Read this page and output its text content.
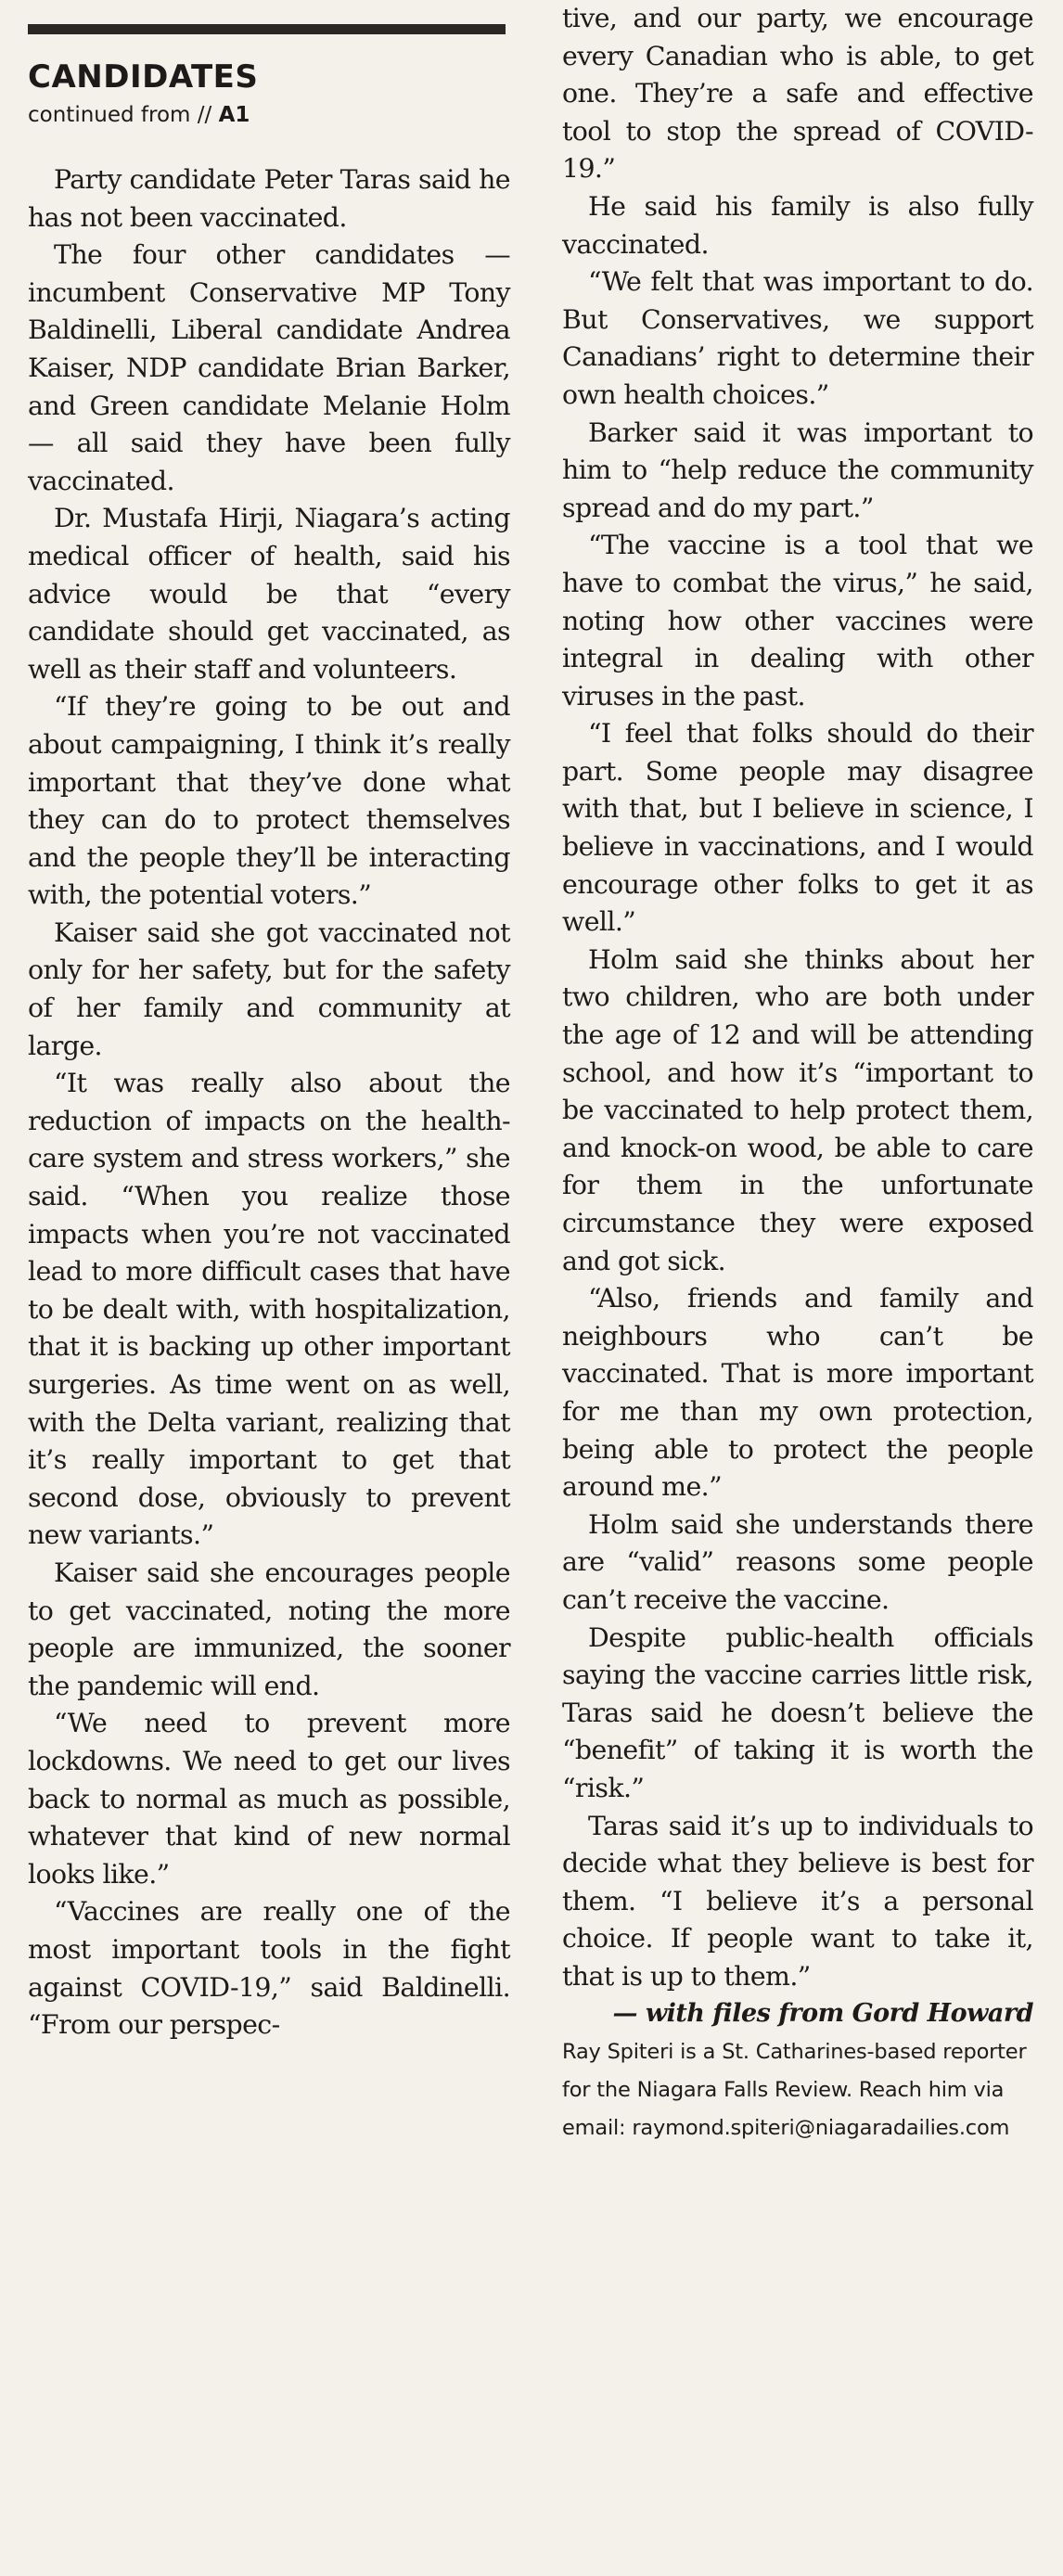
CANDIDATES
continued from // A1

Party candidate Peter Taras said he has not been vaccinated.

The four other candidates — incumbent Conservative MP Tony Baldinelli, Liberal candidate Andrea Kaiser, NDP candidate Brian Barker, and Green candidate Melanie Holm — all said they have been fully vaccinated.

Dr. Mustafa Hirji, Niagara’s acting medical officer of health, said his advice would be that “every candidate should get vaccinated, as well as their staff and volunteers.

“If they’re going to be out and about campaigning, I think it’s really important that they’ve done what they can do to protect themselves and the people they’ll be interacting with, the potential voters.”

Kaiser said she got vaccinated not only for her safety, but for the safety of her family and community at large.

“It was really also about the reduction of impacts on the health-care system and stress workers,” she said. “When you realize those impacts when you’re not vaccinated lead to more difficult cases that have to be dealt with, with hospitalization, that it is backing up other important surgeries. As time went on as well, with the Delta variant, realizing that it’s really important to get that second dose, obviously to prevent new variants.”

Kaiser said she encourages people to get vaccinated, noting the more people are immunized, the sooner the pandemic will end.

“We need to prevent more lockdowns. We need to get our lives back to normal as much as possible, whatever that kind of new normal looks like.”

“Vaccines are really one of the most important tools in the fight against COVID-19,” said Baldinelli. “From our perspec-

tive, and our party, we encourage every Canadian who is able, to get one. They’re a safe and effective tool to stop the spread of COVID-19.”

He said his family is also fully vaccinated.

“We felt that was important to do. But Conservatives, we support Canadians’ right to determine their own health choices.”

Barker said it was important to him to “help reduce the community spread and do my part.”

“The vaccine is a tool that we have to combat the virus,” he said, noting how other vaccines were integral in dealing with other viruses in the past.

“I feel that folks should do their part. Some people may disagree with that, but I believe in science, I believe in vaccinations, and I would encourage other folks to get it as well.”

Holm said she thinks about her two children, who are both under the age of 12 and will be attending school, and how it’s “important to be vaccinated to help protect them, and knock-on wood, be able to care for them in the unfortunate circumstance they were exposed and got sick.

“Also, friends and family and neighbours who can’t be vaccinated. That is more important for me than my own protection, being able to protect the people around me.”

Holm said she understands there are “valid” reasons some people can’t receive the vaccine.

Despite public-health officials saying the vaccine carries little risk, Taras said he doesn’t believe the “benefit” of taking it is worth the “risk.”

Taras said it’s up to individuals to decide what they believe is best for them. “I believe it’s a personal choice. If people want to take it, that is up to them.”

— with files from Gord Howard
Ray Spiteri is a St. Catharines-based reporter for the Niagara Falls Review. Reach him via email: raymond.spiteri@niagaradailies.com
